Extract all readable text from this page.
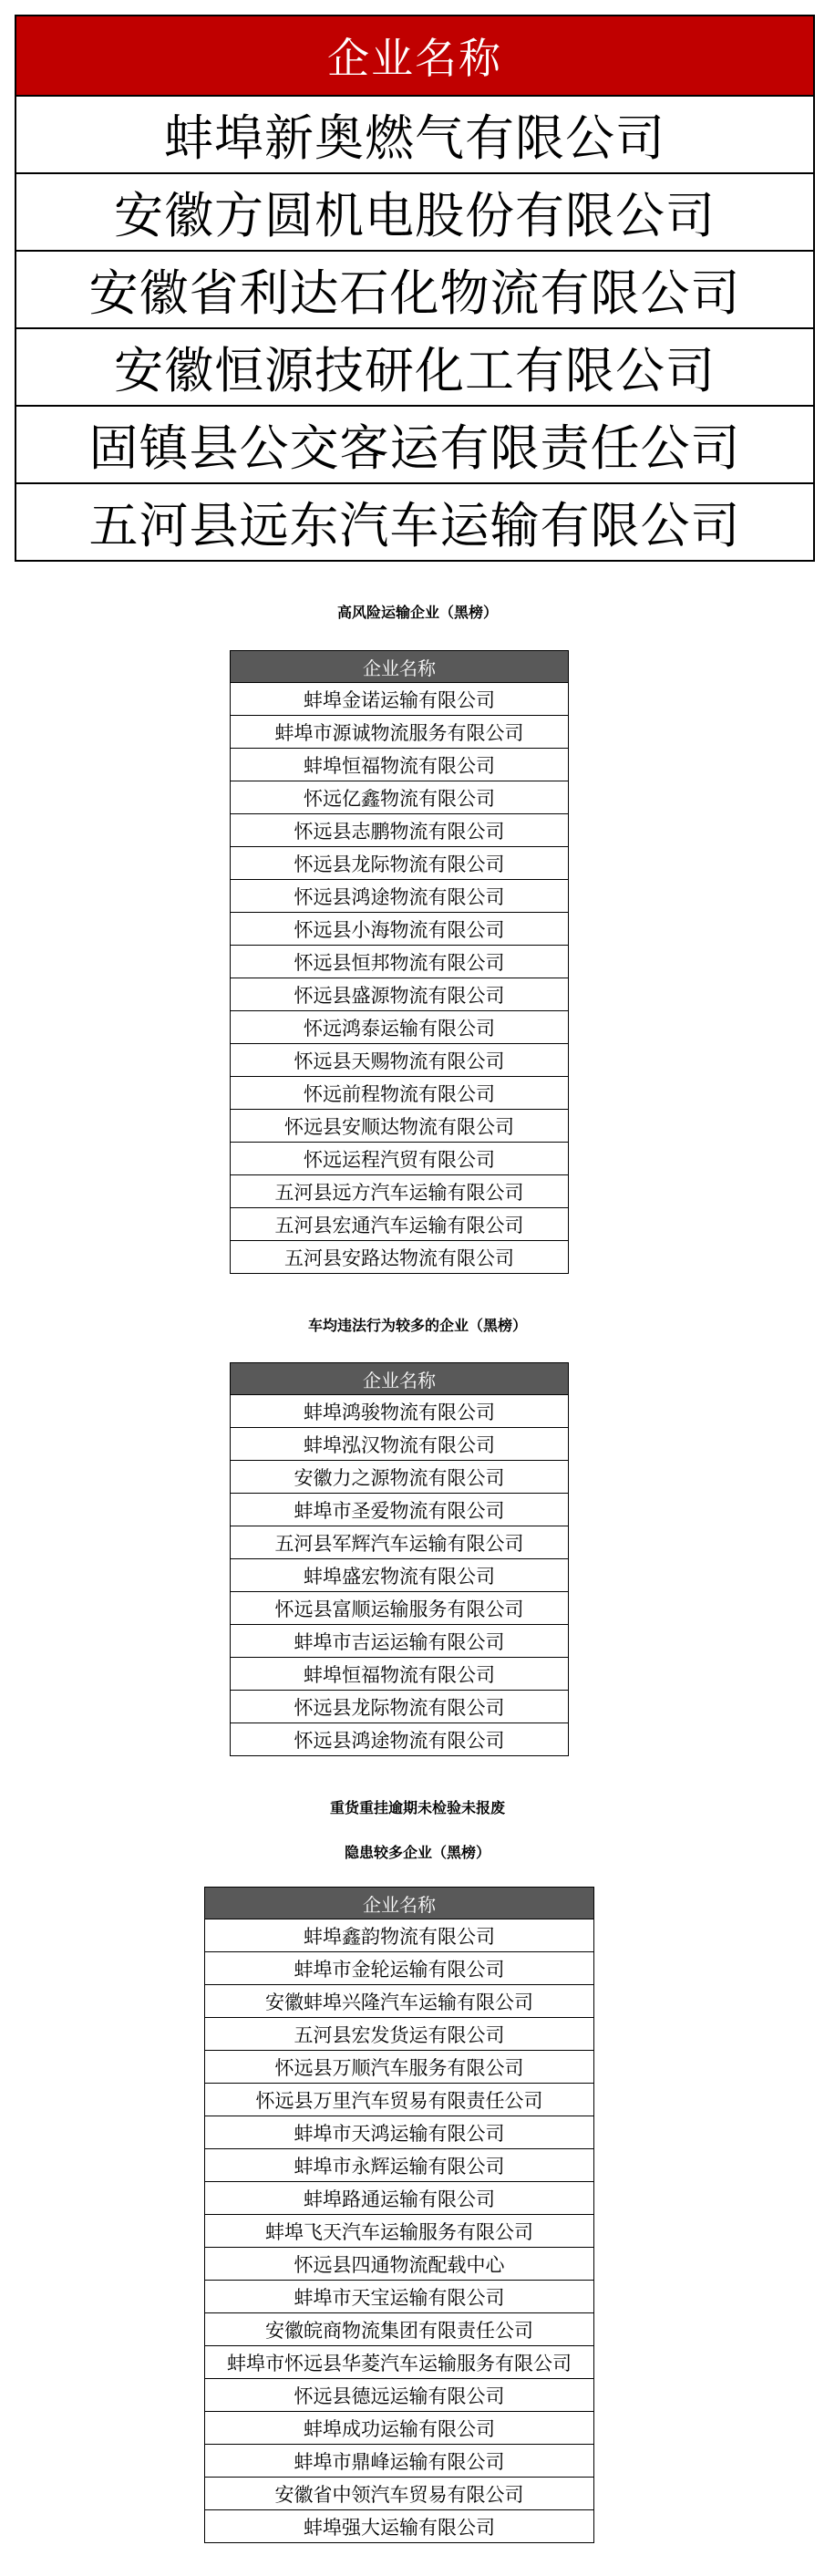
企业名称
蚌埠新奥燃气有限公司
安徽方圆机电股份有限公司
安徽省利达石化物流有限公司
安徽恒源技研化工有限公司
固镇县公交客运有限责任公司
五河县远东汽车运输有限公司
高风险运输企业（黑榜）
企业名称
蚌埠金诺运输有限公司
蚌埠市源诚物流服务有限公司
蚌埠恒福物流有限公司
怀远亿鑫物流有限公司
怀远县志鹏物流有限公司
怀远县龙际物流有限公司
怀远县鸿途物流有限公司
怀远县小海物流有限公司
怀远县恒邦物流有限公司
怀远县盛源物流有限公司
怀远鸿泰运输有限公司
怀远县天赐物流有限公司
怀远前程物流有限公司
怀远县安顺达物流有限公司
怀远运程汽贸有限公司
五河县远方汽车运输有限公司
五河县宏通汽车运输有限公司
五河县安路达物流有限公司
车均违法行为较多的企业（黑榜）
企业名称
蚌埠鸿骏物流有限公司
蚌埠泓汉物流有限公司
安徽力之源物流有限公司
蚌埠市圣爱物流有限公司
五河县军辉汽车运输有限公司
蚌埠盛宏物流有限公司
怀远县富顺运输服务有限公司
蚌埠市吉运运输有限公司
蚌埠恒福物流有限公司
怀远县龙际物流有限公司
怀远县鸿途物流有限公司
重货重挂逾期未检验未报废
隐患较多企业（黑榜）
企业名称
蚌埠鑫韵物流有限公司
蚌埠市金轮运输有限公司
安徽蚌埠兴隆汽车运输有限公司
五河县宏发货运有限公司
怀远县万顺汽车服务有限公司
怀远县万里汽车贸易有限责任公司
蚌埠市天鸿运输有限公司
蚌埠市永辉运输有限公司
蚌埠路通运输有限公司
蚌埠飞天汽车运输服务有限公司
怀远县四通物流配载中心
蚌埠市天宝运输有限公司
安徽皖商物流集团有限责任公司
蚌埠市怀远县华菱汽车运输服务有限公司
怀远县德远运输有限公司
蚌埠成功运输有限公司
蚌埠市鼎峰运输有限公司
安徽省中领汽车贸易有限公司
蚌埠强大运输有限公司
